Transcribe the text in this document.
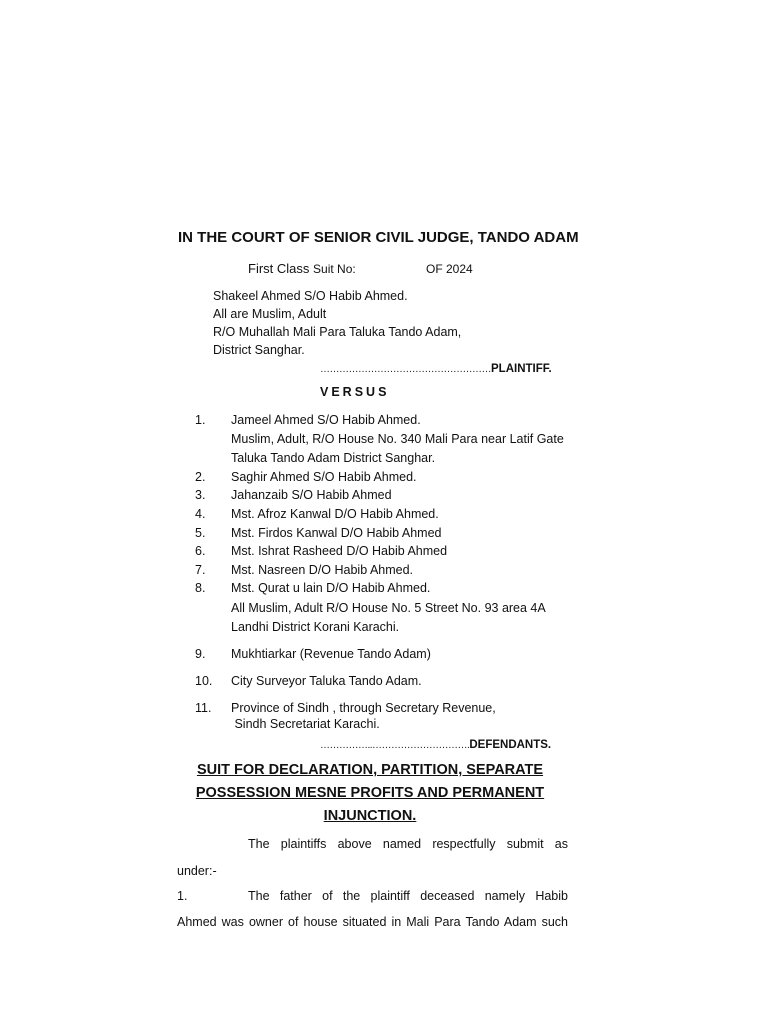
IN THE COURT OF SENIOR CIVIL JUDGE, TANDO ADAM
First Class Suit No:	OF 2024
Shakeel Ahmed S/O Habib Ahmed.
All are Muslim, Adult
R/O Muhallah Mali Para Taluka Tando Adam,
District Sanghar.
………………………………………………PLAINTIFF.
VERSUS
1. Jameel Ahmed S/O Habib Ahmed.
Muslim, Adult, R/O House No. 340 Mali Para near Latif Gate
Taluka Tando Adam District Sanghar.
2. Saghir Ahmed S/O Habib Ahmed.
3. Jahanzaib S/O Habib Ahmed
4. Mst. Afroz Kanwal D/O Habib Ahmed.
5. Mst. Firdos Kanwal D/O Habib Ahmed
6. Mst. Ishrat Rasheed D/O Habib Ahmed
7. Mst. Nasreen D/O Habib Ahmed.
8. Mst. Qurat u lain D/O Habib Ahmed.
All Muslim, Adult R/O House No. 5 Street No. 93 area 4A
Landhi District Korani Karachi.
9. Mukhtiarkar (Revenue Tando Adam)
10. City Surveyor Taluka Tando Adam.
11. Province of Sindh , through Secretary Revenue,
Sindh Secretariat Karachi.
……………..………………………….DEFENDANTS.
SUIT FOR DECLARATION, PARTITION, SEPARATE
POSSESSION MESNE PROFITS AND PERMANENT
INJUNCTION.
The plaintiffs above named respectfully submit as
under:-
1.	The father of the plaintiff deceased namely Habib
Ahmed was owner of house situated in Mali Para Tando Adam such
